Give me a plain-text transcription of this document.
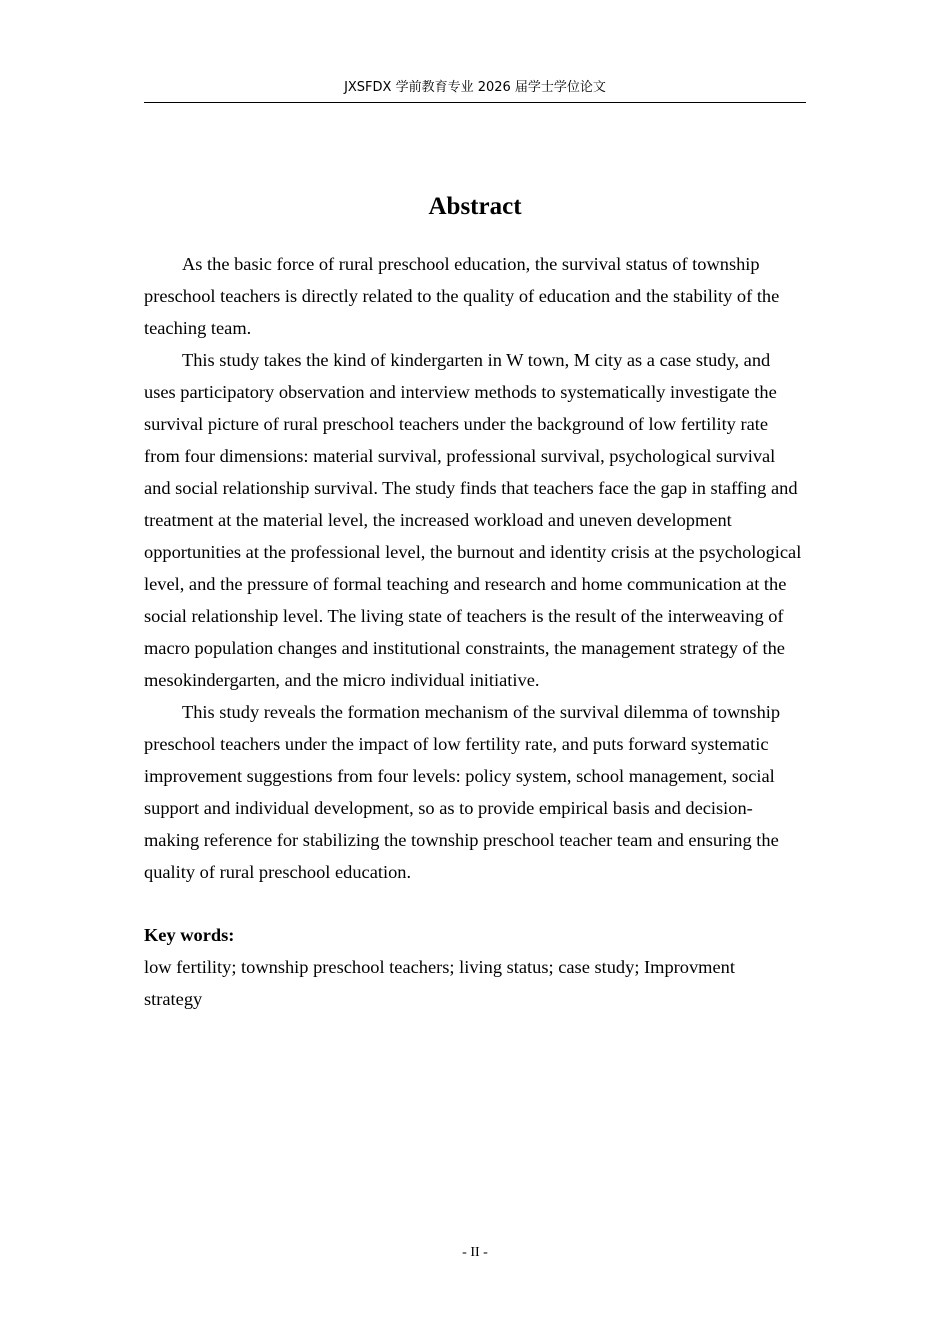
JXSFDX 学前教育专业 2026 届学士学位论文
Abstract

As the basic force of rural preschool education, the survival status of township preschool teachers is directly related to the quality of education and the stability of the teaching team.

This study takes the kind of kindergarten in W town, M city as a case study, and uses participatory observation and interview methods to systematically investigate the survival picture of rural preschool teachers under the background of low fertility rate from four dimensions: material survival, professional survival, psychological survival and social relationship survival. The study finds that teachers face the gap in staffing and treatment at the material level, the increased workload and uneven development opportunities at the professional level, the burnout and identity crisis at the psychological level, and the pressure of formal teaching and research and home communication at the social relationship level. The living state of teachers is the result of the interweaving of macro population changes and institutional constraints, the management strategy of the mesokindergarten, and the micro individual initiative.

This study reveals the formation mechanism of the survival dilemma of township preschool teachers under the impact of low fertility rate, and puts forward systematic improvement suggestions from four levels: policy system, school management, social support and individual development, so as to provide empirical basis and decision-making reference for stabilizing the township preschool teacher team and ensuring the quality of rural preschool education.

Key words:
low fertility; township preschool teachers; living status; case study; Improvment strategy
- II -
